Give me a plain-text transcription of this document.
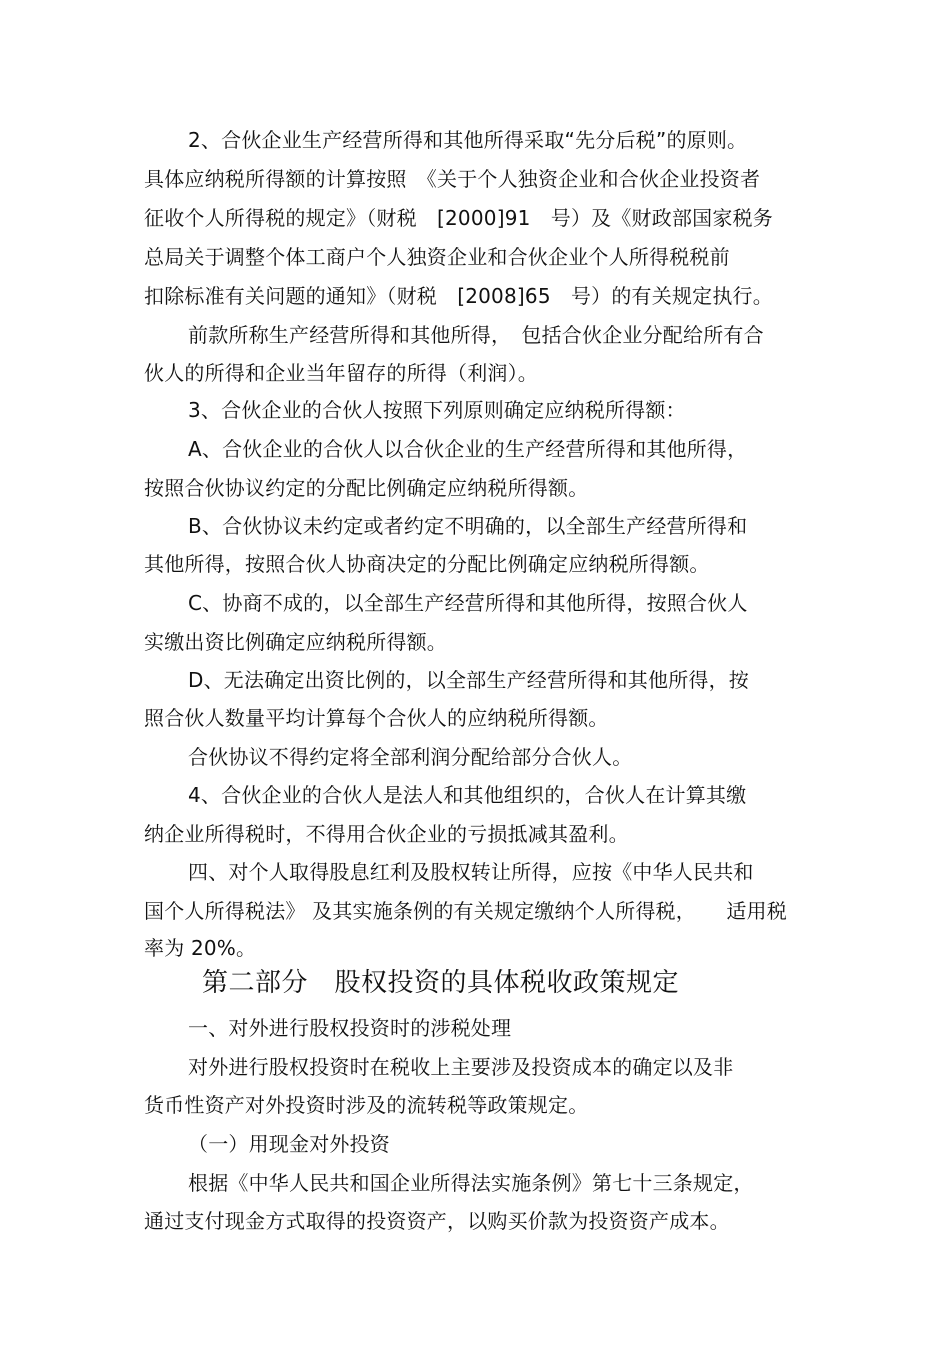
2、合伙企业生产经营所得和其他所得采取“先分后税”的原则。
具体应纳税所得额的计算按照　《关于个人独资企业和合伙企业投资者
征收个人所得税的规定》（财税　[2000]91　号）及《财政部国家税务
总局关于调整个体工商户个人独资企业和合伙企业个人所得税税前
扣除标准有关问题的通知》（财税　[2008]65　号）的有关规定执行。
前款所称生产经营所得和其他所得，　包括合伙企业分配给所有合
伙人的所得和企业当年留存的所得（利润）。
3、合伙企业的合伙人按照下列原则确定应纳税所得额：
A、合伙企业的合伙人以合伙企业的生产经营所得和其他所得，
按照合伙协议约定的分配比例确定应纳税所得额。
B、合伙协议未约定或者约定不明确的，以全部生产经营所得和
其他所得，按照合伙人协商决定的分配比例确定应纳税所得额。
C、协商不成的，以全部生产经营所得和其他所得，按照合伙人
实缴出资比例确定应纳税所得额。
D、无法确定出资比例的，以全部生产经营所得和其他所得，按
照合伙人数量平均计算每个合伙人的应纳税所得额。
合伙协议不得约定将全部利润分配给部分合伙人。
4、合伙企业的合伙人是法人和其他组织的，合伙人在计算其缴
纳企业所得税时，不得用合伙企业的亏损抵减其盈利。
四、对个人取得股息红利及股权转让所得，应按《中华人民共和
国个人所得税法》 及其实施条例的有关规定缴纳个人所得税，　　适用税
率为 20%。
第二部分　股权投资的具体税收政策规定
一、对外进行股权投资时的涉税处理
对外进行股权投资时在税收上主要涉及投资成本的确定以及非
货币性资产对外投资时涉及的流转税等政策规定。
（一）用现金对外投资
根据《中华人民共和国企业所得法实施条例》第七十三条规定，
通过支付现金方式取得的投资资产，以购买价款为投资资产成本。
